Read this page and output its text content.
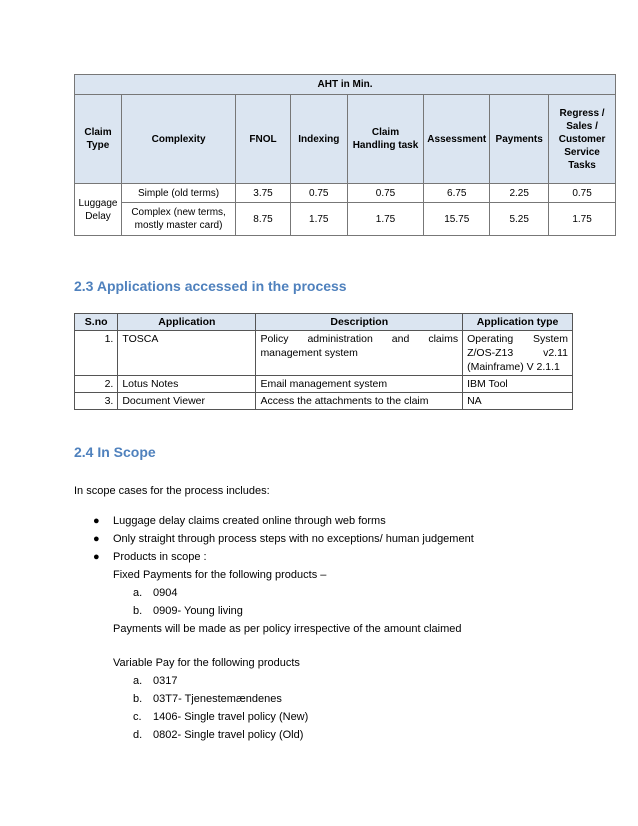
AHT in Min.							
Claim Type	Complexity	FNOL	Indexing	Claim Handling task	Assessment	Payments	Regress / Sales / Customer Service Tasks
Luggage Delay	Simple (old terms)	3.75	0.75	0.75	6.75	2.25	0.75
	Complex (new terms, mostly master card)	8.75	1.75	1.75	15.75	5.25	1.75
2.3 Applications accessed in the process
S.no	Application	Description	Application type
1.	TOSCA	Policy administration and claims management system	Operating System Z/OS-Z13 v2.11 (Mainframe) V 2.1.1
2.	Lotus Notes	Email management system	IBM Tool
3.	Document Viewer	Access the attachments to the claim	NA
2.4 In Scope
In scope cases for the process includes:
● Luggage delay claims created online through web forms
● Only straight through process steps with no exceptions/ human judgement
● Products in scope :
Fixed Payments for the following products –
a. 0904
b. 0909- Young living
Payments will be made as per policy irrespective of the amount claimed
Variable Pay for the following products
a. 0317
b. 03T7- Tjenestemændenes
c. 1406- Single travel policy (New)
d. 0802- Single travel policy (Old)
